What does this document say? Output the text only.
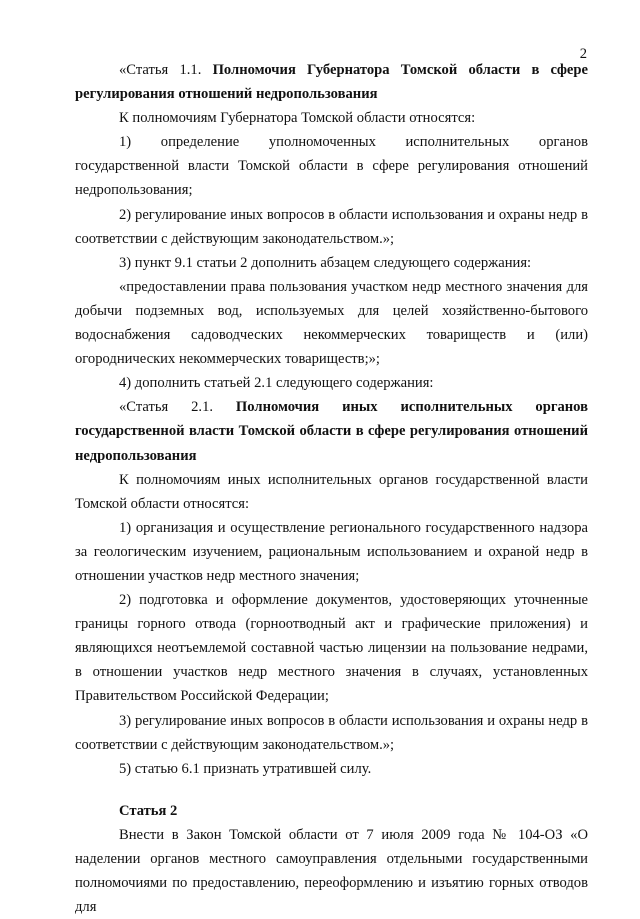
2

«Статья 1.1. Полномочия Губернатора Томской области в сфере регулирования отношений недропользования

К полномочиям Губернатора Томской области относятся:

1) определение уполномоченных исполнительных органов государственной власти Томской области в сфере регулирования отношений недропользования;

2) регулирование иных вопросов в области использования и охраны недр в соответствии с действующим законодательством.»;

3) пункт 9.1 статьи 2 дополнить абзацем следующего содержания:

«предоставлении права пользования участком недр местного значения для добычи подземных вод, используемых для целей хозяйственно-бытового водоснабжения садоводческих некоммерческих товариществ и (или) огороднических некоммерческих товариществ;»;

4) дополнить статьей 2.1 следующего содержания:

«Статья 2.1. Полномочия иных исполнительных органов государственной власти Томской области в сфере регулирования отношений недропользования

К полномочиям иных исполнительных органов государственной власти Томской области относятся:

1) организация и осуществление регионального государственного надзора за геологическим изучением, рациональным использованием и охраной недр в отношении участков недр местного значения;

2) подготовка и оформление документов, удостоверяющих уточненные границы горного отвода (горноотводный акт и графические приложения) и являющихся неотъемлемой составной частью лицензии на пользование недрами, в отношении участков недр местного значения в случаях, установленных Правительством Российской Федерации;

3) регулирование иных вопросов в области использования и охраны недр в соответствии с действующим законодательством.»;

5) статью 6.1 признать утратившей силу.

Статья 2

Внести в Закон Томской области от 7 июля 2009 года № 104-ОЗ «О наделении органов местного самоуправления отдельными государственными полномочиями по предоставлению, переоформлению и изъятию горных отводов для
